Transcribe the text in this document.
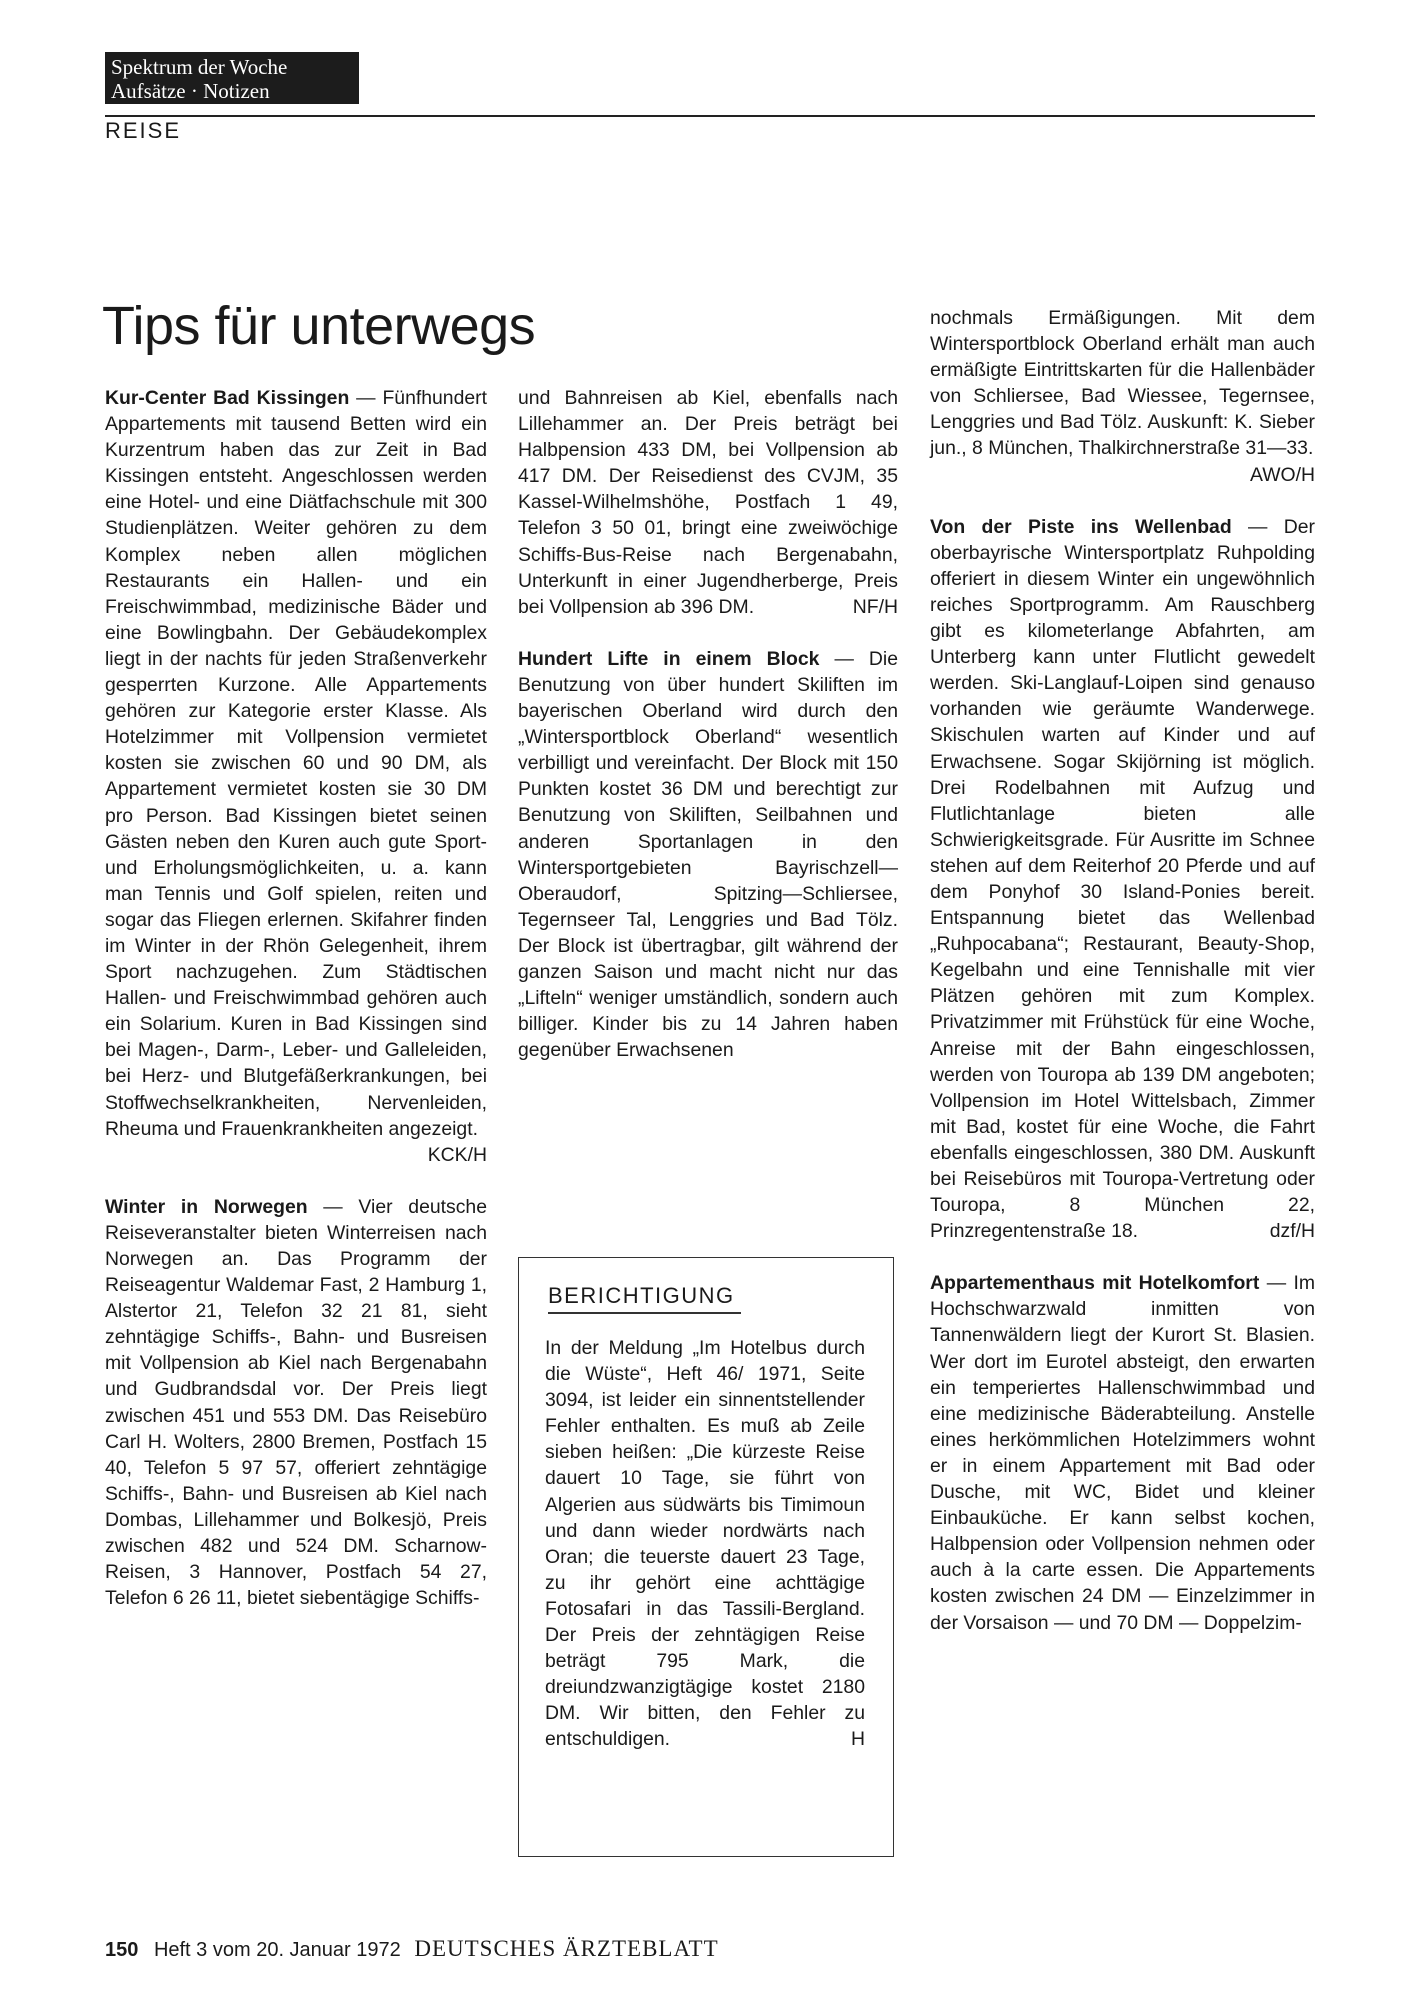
Spektrum der Woche
Aufsätze · Notizen
REISE
Tips für unterwegs

Kur-Center Bad Kissingen — Fünfhundert Appartements mit tausend Betten wird ein Kurzentrum haben das zur Zeit in Bad Kissingen entsteht. Angeschlossen werden eine Hotel- und eine Diätfachschule mit 300 Studienplätzen. Weiter gehören zu dem Komplex neben allen möglichen Restaurants ein Hallen- und ein Freischwimmbad, medizinische Bäder und eine Bowlingbahn. Der Gebäudekomplex liegt in der nachts für jeden Straßenverkehr gesperrten Kurzone. Alle Appartements gehören zur Kategorie erster Klasse. Als Hotelzimmer mit Vollpension vermietet kosten sie zwischen 60 und 90 DM, als Appartement vermietet kosten sie 30 DM pro Person. Bad Kissingen bietet seinen Gästen neben den Kuren auch gute Sport- und Erholungsmöglichkeiten, u. a. kann man Tennis und Golf spielen, reiten und sogar das Fliegen erlernen. Skifahrer finden im Winter in der Rhön Gelegenheit, ihrem Sport nachzugehen. Zum Städtischen Hallen- und Freischwimmbad gehören auch ein Solarium. Kuren in Bad Kissingen sind bei Magen-, Darm-, Leber- und Galleleiden, bei Herz- und Blutgefäßerkrankungen, bei Stoffwechselkrankheiten, Nervenleiden, Rheuma und Frauenkrankheiten angezeigt.
KCK/H

Winter in Norwegen — Vier deutsche Reiseveranstalter bieten Winterreisen nach Norwegen an. Das Programm der Reiseagentur Waldemar Fast, 2 Hamburg 1, Alstertor 21, Telefon 32 21 81, sieht zehntägige Schiffs-, Bahn- und Busreisen mit Vollpension ab Kiel nach Bergenabahn und Gudbrandsdal vor. Der Preis liegt zwischen 451 und 553 DM. Das Reisebüro Carl H. Wolters, 2800 Bremen, Postfach 15 40, Telefon 5 97 57, offeriert zehntägige Schiffs-, Bahn- und Busreisen ab Kiel nach Dombas, Lillehammer und Bolkesjö, Preis zwischen 482 und 524 DM. Scharnow-Reisen, 3 Hannover, Postfach 54 27, Telefon 6 26 11, bietet siebentägige Schiffs-

und Bahnreisen ab Kiel, ebenfalls nach Lillehammer an. Der Preis beträgt bei Halbpension 433 DM, bei Vollpension ab 417 DM. Der Reisedienst des CVJM, 35 Kassel-Wilhelmshöhe, Postfach 1 49, Telefon 3 50 01, bringt eine zweiwöchige Schiffs-Bus-Reise nach Bergenabahn, Unterkunft in einer Jugendherberge, Preis bei Vollpension ab 396 DM.	NF/H

Hundert Lifte in einem Block — Die Benutzung von über hundert Skiliften im bayerischen Oberland wird durch den „Wintersportblock Oberland“ wesentlich verbilligt und vereinfacht. Der Block mit 150 Punkten kostet 36 DM und berechtigt zur Benutzung von Skiliften, Seilbahnen und anderen Sportanlagen in den Wintersportgebieten Bayrischzell—Oberaudorf, Spitzing—Schliersee, Tegernseer Tal, Lenggries und Bad Tölz. Der Block ist übertragbar, gilt während der ganzen Saison und macht nicht nur das „Lifteln“ weniger umständlich, sondern auch billiger. Kinder bis zu 14 Jahren haben gegenüber Erwachsenen

BERICHTIGUNG

In der Meldung „Im Hotelbus durch die Wüste“, Heft 46/ 1971, Seite 3094, ist leider ein sinnentstellender Fehler enthalten. Es muß ab Zeile sieben heißen: „Die kürzeste Reise dauert 10 Tage, sie führt von Algerien aus südwärts bis Timimoun und dann wieder nordwärts nach Oran; die teuerste dauert 23 Tage, zu ihr gehört eine achttägige Fotosafari in das Tassili-Bergland. Der Preis der zehntägigen Reise beträgt 795 Mark, die dreiundzwanzigtägige kostet 2180 DM. Wir bitten, den Fehler zu entschuldigen.	H

nochmals Ermäßigungen. Mit dem Wintersportblock Oberland erhält man auch ermäßigte Eintrittskarten für die Hallenbäder von Schliersee, Bad Wiessee, Tegernsee, Lenggries und Bad Tölz. Auskunft: K. Sieber jun., 8 München, Thalkirchnerstraße 31—33.
AWO/H

Von der Piste ins Wellenbad — Der oberbayrische Wintersportplatz Ruhpolding offeriert in diesem Winter ein ungewöhnlich reiches Sportprogramm. Am Rauschberg gibt es kilometerlange Abfahrten, am Unterberg kann unter Flutlicht gewedelt werden. Ski-Langlauf-Loipen sind genauso vorhanden wie geräumte Wanderwege. Skischulen warten auf Kinder und auf Erwachsene. Sogar Skijörning ist möglich. Drei Rodelbahnen mit Aufzug und Flutlichtanlage bieten alle Schwierigkeitsgrade. Für Ausritte im Schnee stehen auf dem Reiterhof 20 Pferde und auf dem Ponyhof 30 Island-Ponies bereit. Entspannung bietet das Wellenbad „Ruhpocabana“; Restaurant, Beauty-Shop, Kegelbahn und eine Tennishalle mit vier Plätzen gehören mit zum Komplex. Privatzimmer mit Frühstück für eine Woche, Anreise mit der Bahn eingeschlossen, werden von Touropa ab 139 DM angeboten; Vollpension im Hotel Wittelsbach, Zimmer mit Bad, kostet für eine Woche, die Fahrt ebenfalls eingeschlossen, 380 DM. Auskunft bei Reisebüros mit Touropa-Vertretung oder Touropa, 8 München 22, Prinzregentenstraße 18.	dzf/H

Appartementhaus mit Hotelkomfort — Im Hochschwarzwald inmitten von Tannenwäldern liegt der Kurort St. Blasien. Wer dort im Eurotel absteigt, den erwarten ein temperiertes Hallenschwimmbad und eine medizinische Bäderabteilung. Anstelle eines herkömmlichen Hotelzimmers wohnt er in einem Appartement mit Bad oder Dusche, mit WC, Bidet und kleiner Einbauküche. Er kann selbst kochen, Halbpension oder Vollpension nehmen oder auch à la carte essen. Die Appartements kosten zwischen 24 DM — Einzelzimmer in der Vorsaison — und 70 DM — Doppelzim-

150 Heft 3 vom 20. Januar 1972 DEUTSCHES ÄRZTEBLATT
